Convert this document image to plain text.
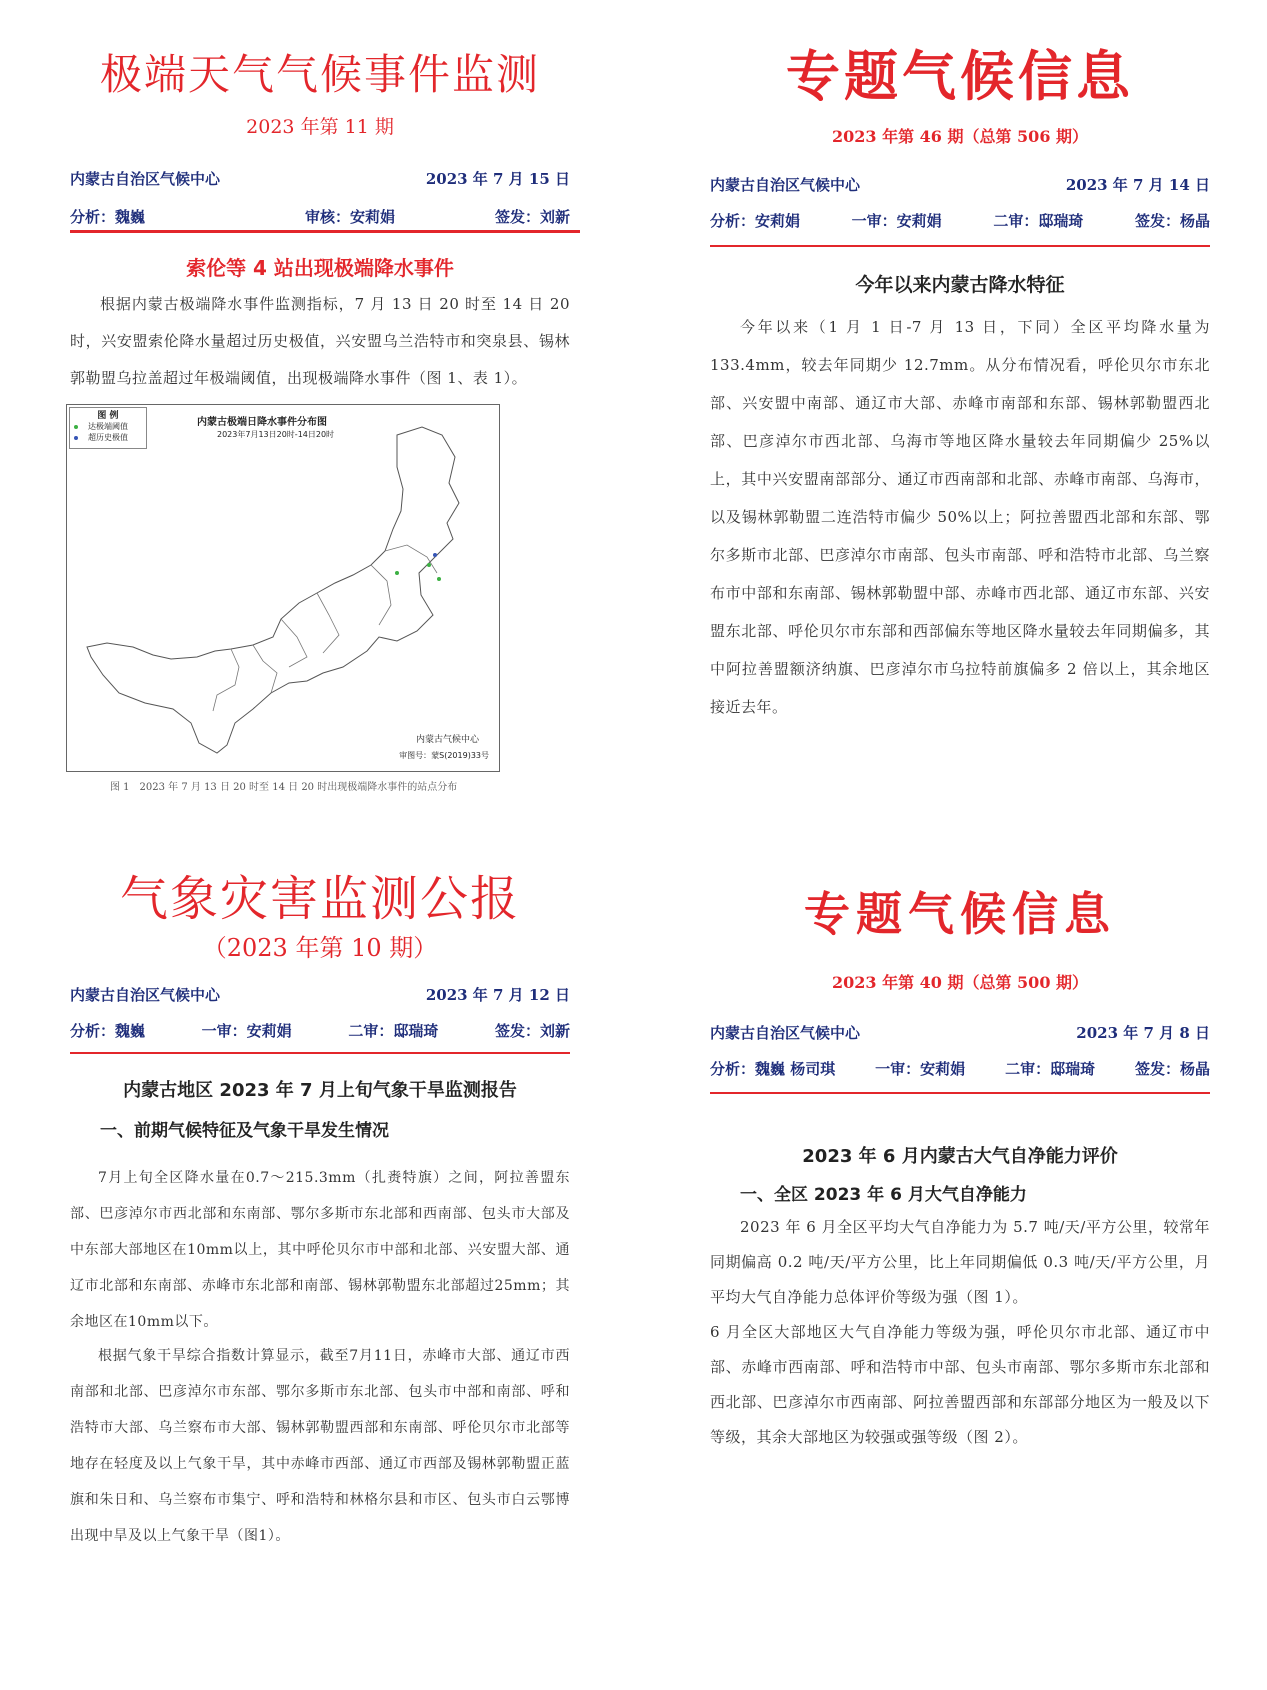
极端天气气候事件监测
2023 年第 11 期
内蒙古自治区气候中心	2023 年 7 月 15 日
分析：魏巍	审核：安莉娟	签发：刘新
索伦等 4 站出现极端降水事件
根据内蒙古极端降水事件监测指标，7 月 13 日 20 时至 14 日 20 时，兴安盟索伦降水量超过历史极值，兴安盟乌兰浩特市和突泉县、锡林郭勒盟乌拉盖超过年极端阈值，出现极端降水事件（图 1、表 1）。
图 例
达极端阈值
超历史极值
内蒙古极端日降水事件分布图
2023年7月13日20时-14日20时
内蒙古气候中心
审图号：蒙S(2019)33号
图 1　2023 年 7 月 13 日 20 时至 14 日 20 时出现极端降水事件的站点分布
专题气候信息
2023 年第 46 期（总第 506 期）
内蒙古自治区气候中心	2023 年 7 月 14 日
分析：安莉娟	一审：安莉娟	二审：邸瑞琦	签发：杨晶
今年以来内蒙古降水特征
今年以来（1 月 1 日-7 月 13 日，下同）全区平均降水量为 133.4mm，较去年同期少 12.7mm。从分布情况看，呼伦贝尔市东北部、兴安盟中南部、通辽市大部、赤峰市南部和东部、锡林郭勒盟西北部、巴彦淖尔市西北部、乌海市等地区降水量较去年同期偏少 25%以上，其中兴安盟南部部分、通辽市西南部和北部、赤峰市南部、乌海市，以及锡林郭勒盟二连浩特市偏少 50%以上；阿拉善盟西北部和东部、鄂尔多斯市北部、巴彦淖尔市南部、包头市南部、呼和浩特市北部、乌兰察布市中部和东南部、锡林郭勒盟中部、赤峰市西北部、通辽市东部、兴安盟东北部、呼伦贝尔市东部和西部偏东等地区降水量较去年同期偏多，其中阿拉善盟额济纳旗、巴彦淖尔市乌拉特前旗偏多 2 倍以上，其余地区接近去年。
气象灾害监测公报
（2023 年第 10 期）
内蒙古自治区气候中心	2023 年 7 月 12 日
分析：魏巍	一审：安莉娟	二审：邸瑞琦	签发：刘新
内蒙古地区 2023 年 7 月上旬气象干旱监测报告
一、前期气候特征及气象干旱发生情况
7月上旬全区降水量在0.7～215.3mm（扎赉特旗）之间，阿拉善盟东部、巴彦淖尔市西北部和东南部、鄂尔多斯市东北部和西南部、包头市大部及中东部大部地区在10mm以上，其中呼伦贝尔市中部和北部、兴安盟大部、通辽市北部和东南部、赤峰市东北部和南部、锡林郭勒盟东北部超过25mm；其余地区在10mm以下。
根据气象干旱综合指数计算显示，截至7月11日，赤峰市大部、通辽市西南部和北部、巴彦淖尔市东部、鄂尔多斯市东北部、包头市中部和南部、呼和浩特市大部、乌兰察布市大部、锡林郭勒盟西部和东南部、呼伦贝尔市北部等地存在轻度及以上气象干旱，其中赤峰市西部、通辽市西部及锡林郭勒盟正蓝旗和朱日和、乌兰察布市集宁、呼和浩特和林格尔县和市区、包头市白云鄂博出现中旱及以上气象干旱（图1）。
专题气候信息
2023 年第 40 期（总第 500 期）
内蒙古自治区气候中心	2023 年 7 月 8 日
分析：魏巍 杨司琪	一审：安莉娟	二审：邸瑞琦	签发：杨晶
2023 年 6 月内蒙古大气自净能力评价
一、全区 2023 年 6 月大气自净能力
2023 年 6 月全区平均大气自净能力为 5.7 吨/天/平方公里，较常年同期偏高 0.2 吨/天/平方公里，比上年同期偏低 0.3 吨/天/平方公里，月平均大气自净能力总体评价等级为强（图 1）。
6 月全区大部地区大气自净能力等级为强，呼伦贝尔市北部、通辽市中部、赤峰市西南部、呼和浩特市中部、包头市南部、鄂尔多斯市东北部和西北部、巴彦淖尔市西南部、阿拉善盟西部和东部部分地区为一般及以下等级，其余大部地区为较强或强等级（图 2）。
